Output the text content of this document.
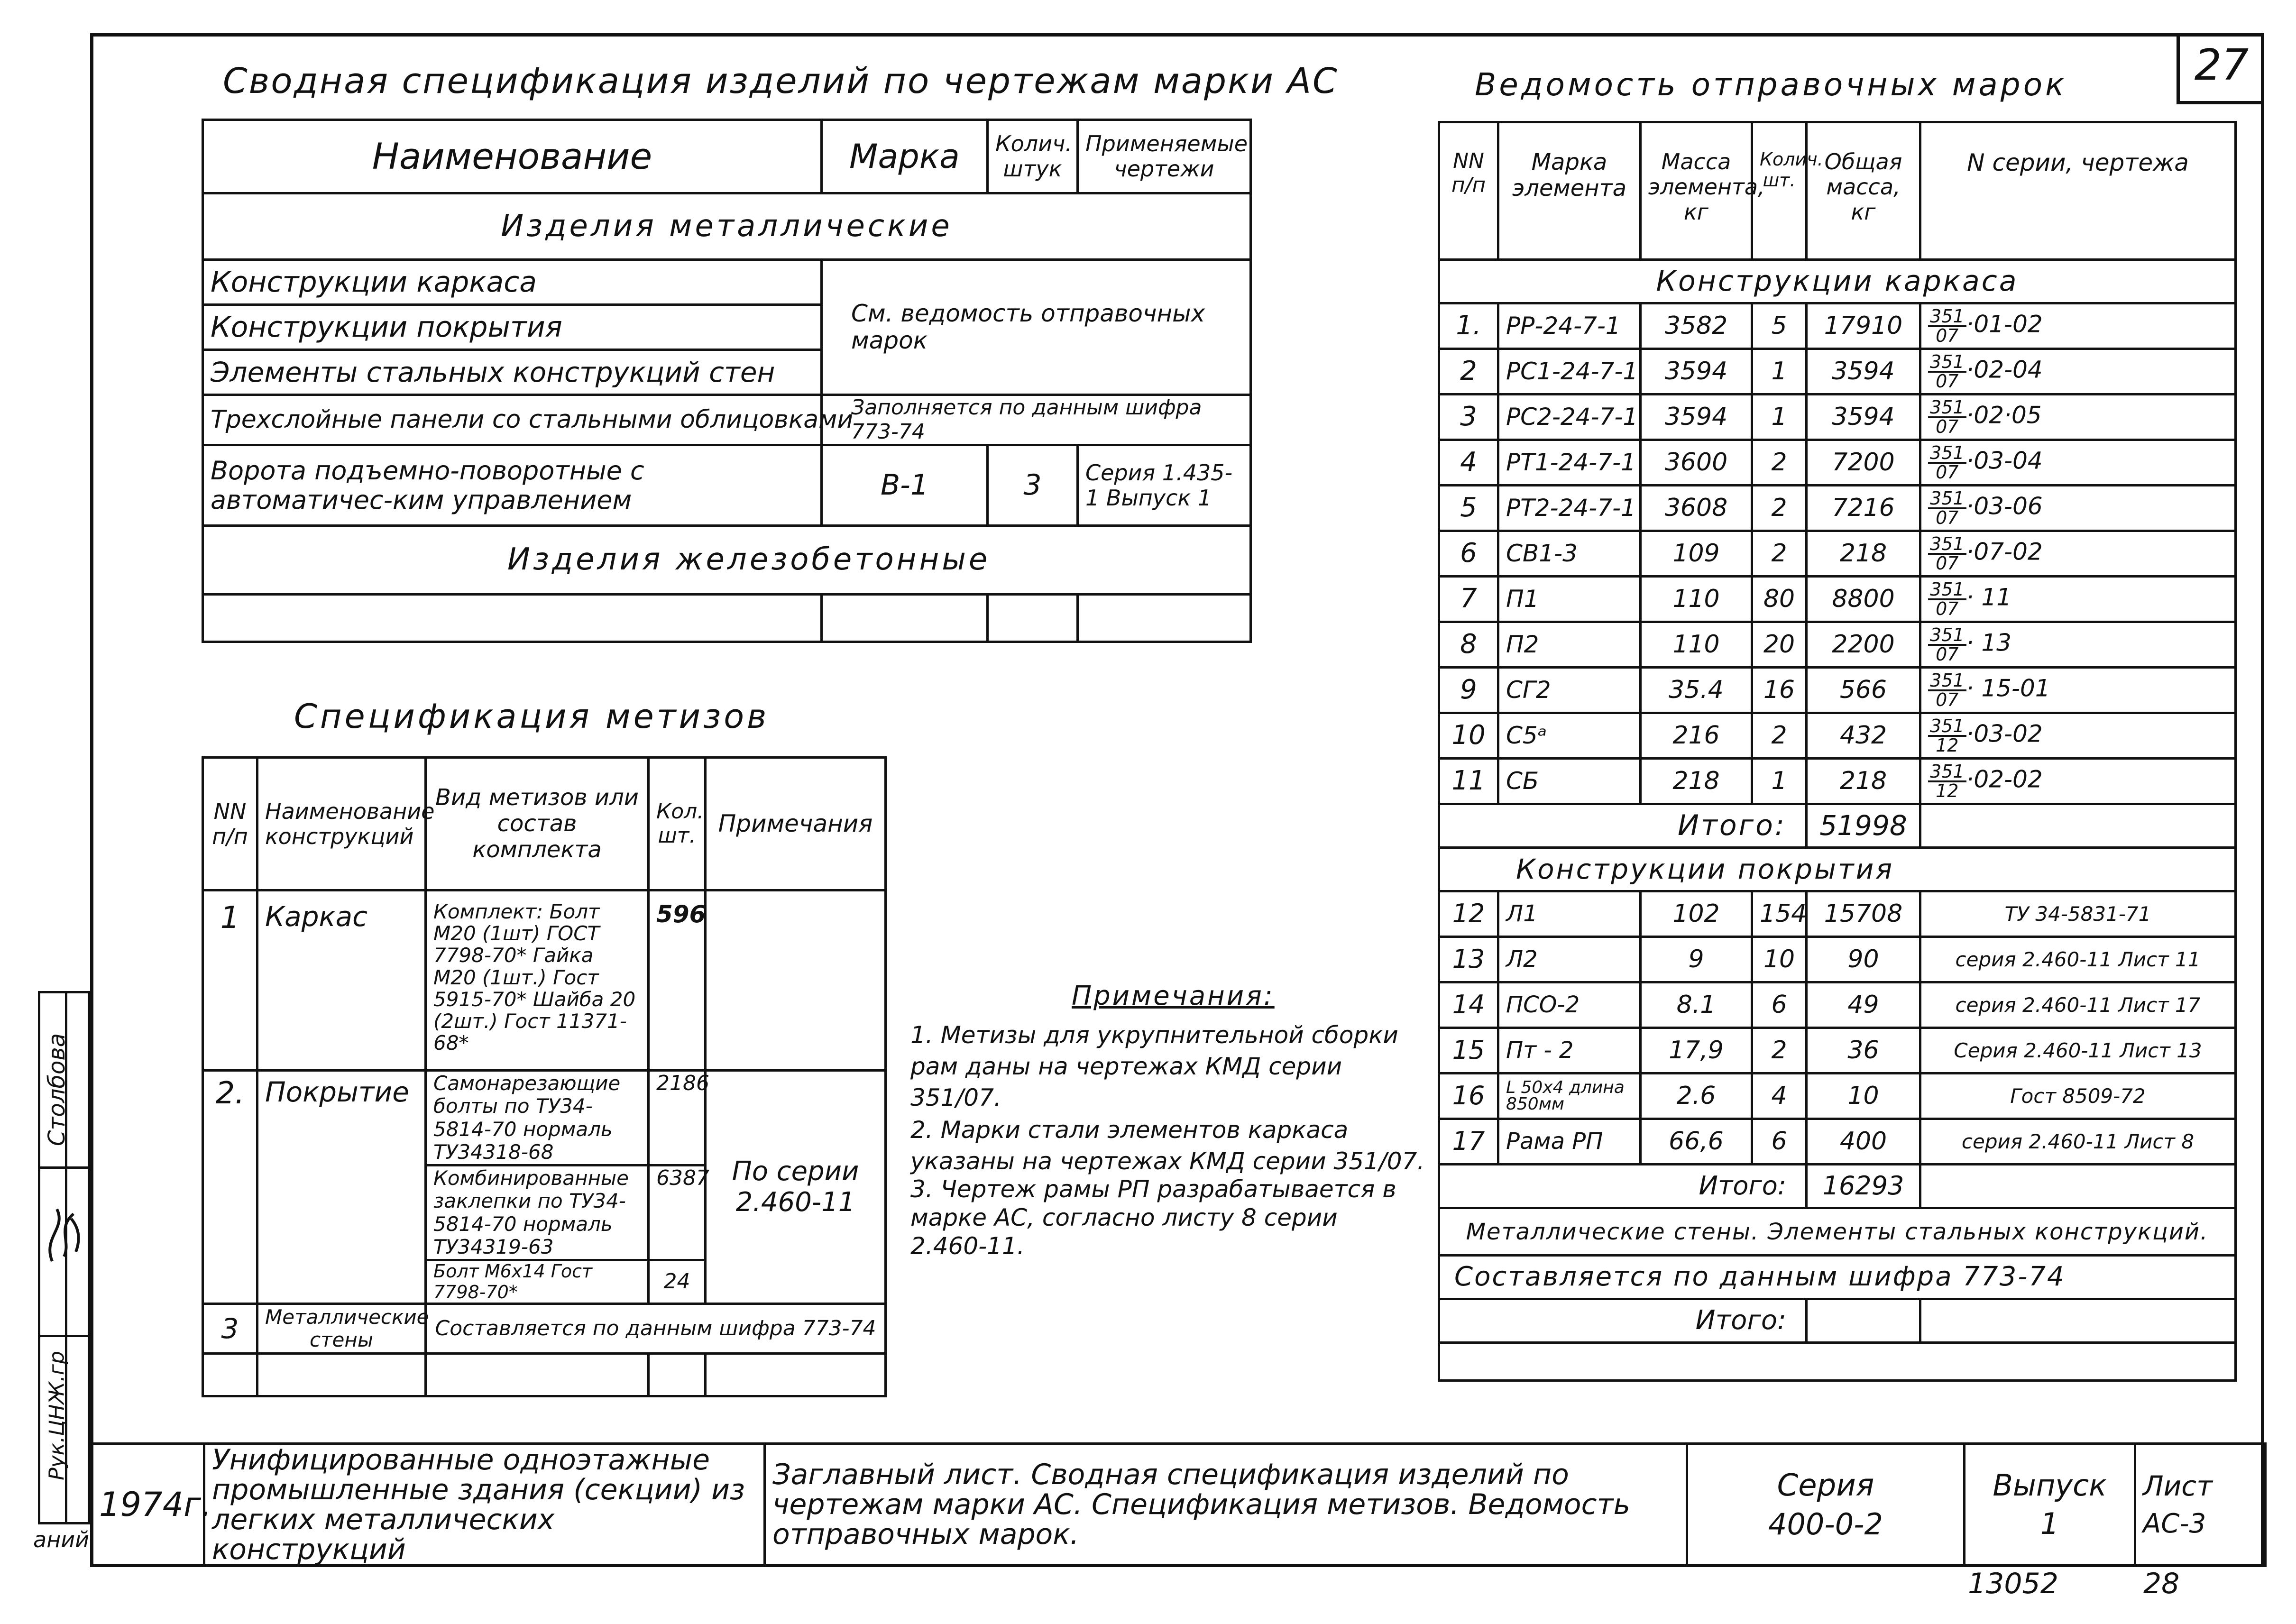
27
Сводная спецификация изделий по чертежам марки АС
Наименование	Марка	Колич. штук	Применяемые чертежи
Изделия металлические			
Конструкции каркаса	См. ведомость отправочных марок		
Конструкции покрытия			
Элементы стальных конструкций стен			
Трехслойные панели со стальными облицовками	Заполняется по данным шифра 773-74		
Ворота подъемно-поворотные с автоматичес-ким управлением	В-1	3	Серия 1.435-1 Выпуск 1
Изделия железобетонные			

Спецификация метизов
NN п/п	Наименование конструкций	Вид метизов или состав комплекта	Кол. шт.	Примечания
1	Каркас	Комплект: Болт М20 (1шт) ГОСТ 7798-70* Гайка М20 (1шт.) Гост 5915-70* Шайба 20 (2шт.) Гост 11371-68*	596	
2.	Покрытие	Самонарезающие болты по ТУ34-5814-70 нормаль ТУ34318-68	2186	По серии 2.460-11
		Комбинированные заклепки по ТУ34-5814-70 нормаль ТУ34319-63	6387	
		Болт М6х14 Гост 7798-70*	24	
3	Металлические стены	Составляется по данным шифра 773-74		

Примечания:
1. Метизы для укрупнительной сборки рам даны на чертежах КМД серии 351/07.
2. Марки стали элементов каркаса указаны на чертежах КМД серии 351/07.
3. Чертеж рамы РП разрабатывается в марке АС, согласно листу 8 серии 2.460-11.
Ведомость отправочных марок
NN п/п	Марка элемента	Масса элемента, кг	Колич. шт.	Общая масса, кг	N серии, чертежа
Конструкции каркаса					
1.	РР-24-7-1	3582	5	17910	$\frac{351}{07} \cdot 01-02$
2	РС1-24-7-1	3594	1	3594	$\frac{351}{07} \cdot 02-04$
3	РС2-24-7-1	3594	1	3594	$\frac{351}{07} \cdot 02\cdot 05$
4	РТ1-24-7-1	3600	2	7200	$\frac{351}{07} \cdot 03-04$
5	РТ2-24-7-1	3608	2	7216	$\frac{351}{07} \cdot 03-06$
6	СВ1-3	109	2	218	$\frac{351}{07} \cdot 07-02$
7	П1	110	80	8800	$\frac{351}{07} \cdot 11$
8	П2	110	20	2200	$\frac{351}{07} \cdot 13$
9	СГ2	35.4	16	566	$\frac{351}{07} \cdot 15-01$
10	С5ᵃ	216	2	432	$\frac{351}{12} \cdot 03-02$
11	СБ	218	1	218	$\frac{351}{12} \cdot 02-02$
Итого:				51998	
Конструкции покрытия					
12	Л1	102	154	15708	ТУ 34-5831-71
13	Л2	9	10	90	серия 2.460-11 Лист 11
14	ПСО-2	8.1	6	49	серия 2.460-11 Лист 17
15	Пт - 2	17,9	2	36	Серия 2.460-11 Лист 13
16	L 50х4 длина 850мм	2.6	4	10	Гост 8509-72
17	Рама РП	66,6	6	400	серия 2.460-11 Лист 8
Итого:				16293	
Металлические стены. Элементы стальных конструкций.					
Составляется по данным шифра 773-74					
Итого:					

Столбова
Рук.ЦНЖ.гр
аний
1974г.	Унифицированные одноэтажные промышленные здания (секции) из легких металлических конструкций	Заглавный лист. Сводная спецификация изделий по чертежам марки АС. Спецификация метизов. Ведомость отправочных марок.	
Серия
400-0-2

Выпуск
1

Лист
АС-3
13052	28
